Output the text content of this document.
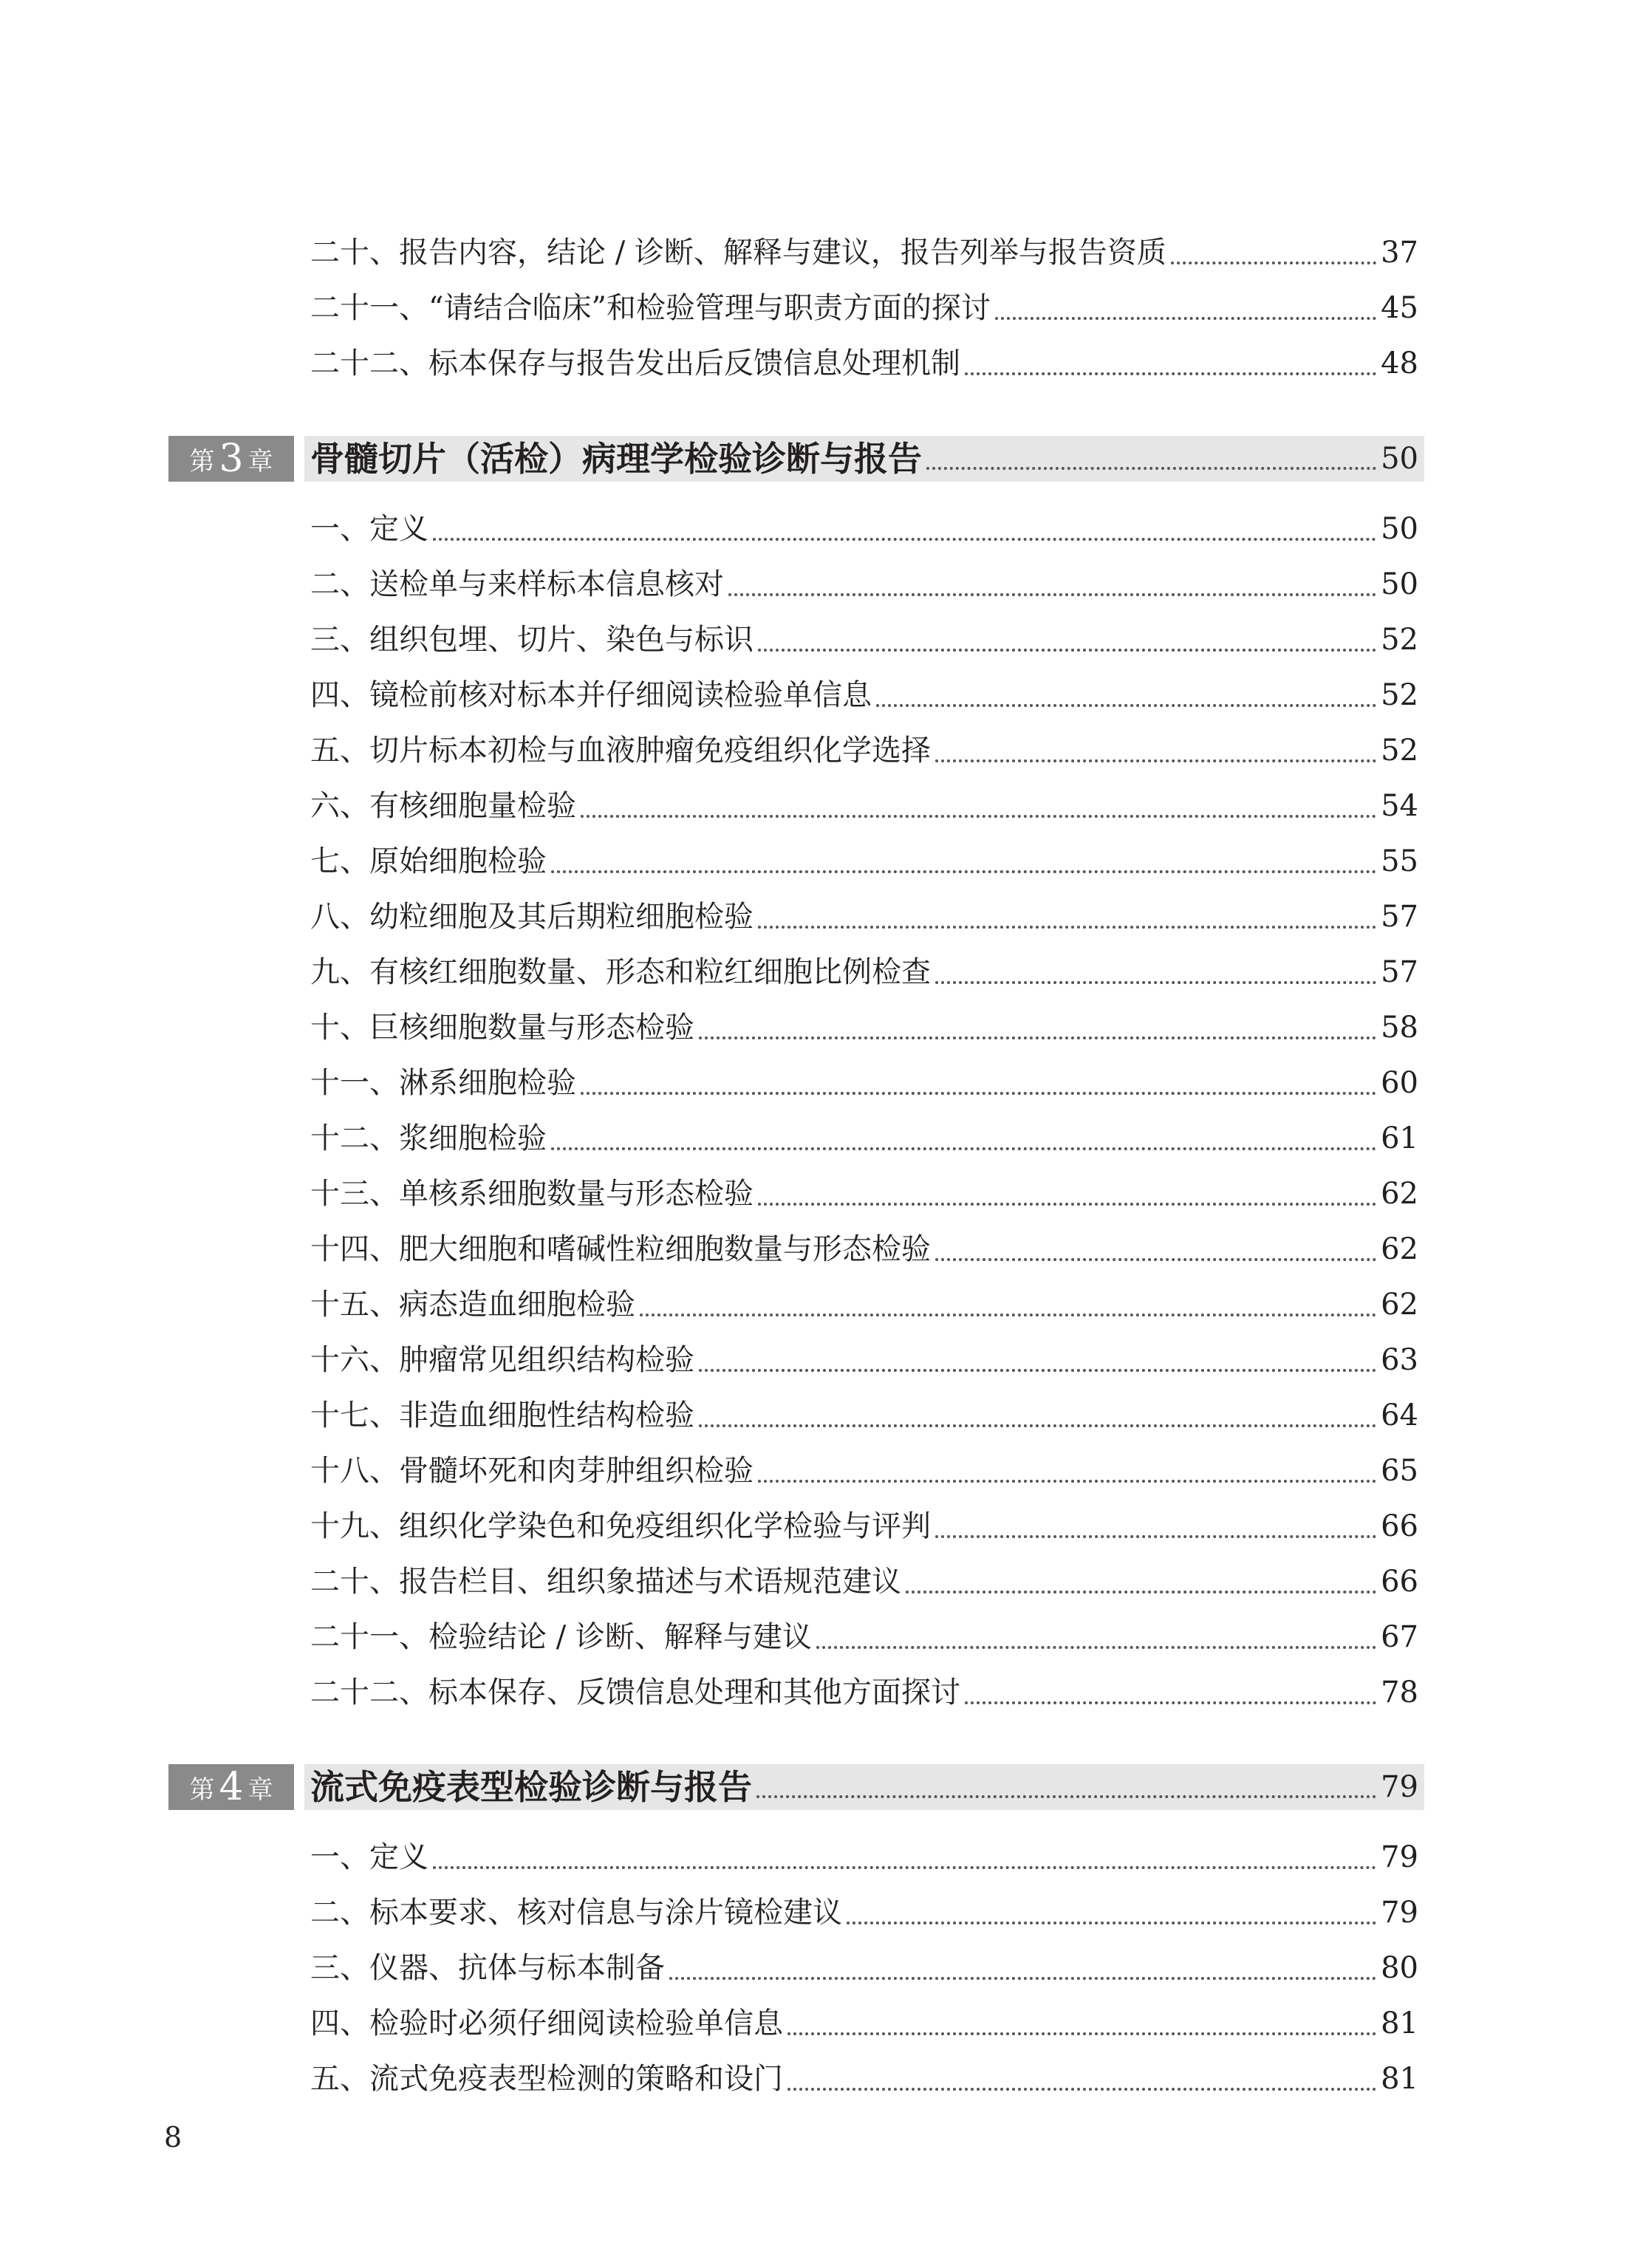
二十、报告内容，结论 / 诊断、解释与建议，报告列举与报告资质	37
二十一、“请结合临床”和检验管理与职责方面的探讨	45
二十二、标本保存与报告发出后反馈信息处理机制	48
第 3 章 骨髓切片（活检）病理学检验诊断与报告	50
一、定义	50
二、送检单与来样标本信息核对	50
三、组织包埋、切片、染色与标识	52
四、镜检前核对标本并仔细阅读检验单信息	52
五、切片标本初检与血液肿瘤免疫组织化学选择	52
六、有核细胞量检验	54
七、原始细胞检验	55
八、幼粒细胞及其后期粒细胞检验	57
九、有核红细胞数量、形态和粒红细胞比例检查	57
十、巨核细胞数量与形态检验	58
十一、淋系细胞检验	60
十二、浆细胞检验	61
十三、单核系细胞数量与形态检验	62
十四、肥大细胞和嗜碱性粒细胞数量与形态检验	62
十五、病态造血细胞检验	62
十六、肿瘤常见组织结构检验	63
十七、非造血细胞性结构检验	64
十八、骨髓坏死和肉芽肿组织检验	65
十九、组织化学染色和免疫组织化学检验与评判	66
二十、报告栏目、组织象描述与术语规范建议	66
二十一、检验结论 / 诊断、解释与建议	67
二十二、标本保存、反馈信息处理和其他方面探讨	78
第 4 章 流式免疫表型检验诊断与报告	79
一、定义	79
二、标本要求、核对信息与涂片镜检建议	79
三、仪器、抗体与标本制备	80
四、检验时必须仔细阅读检验单信息	81
五、流式免疫表型检测的策略和设门	81
8
